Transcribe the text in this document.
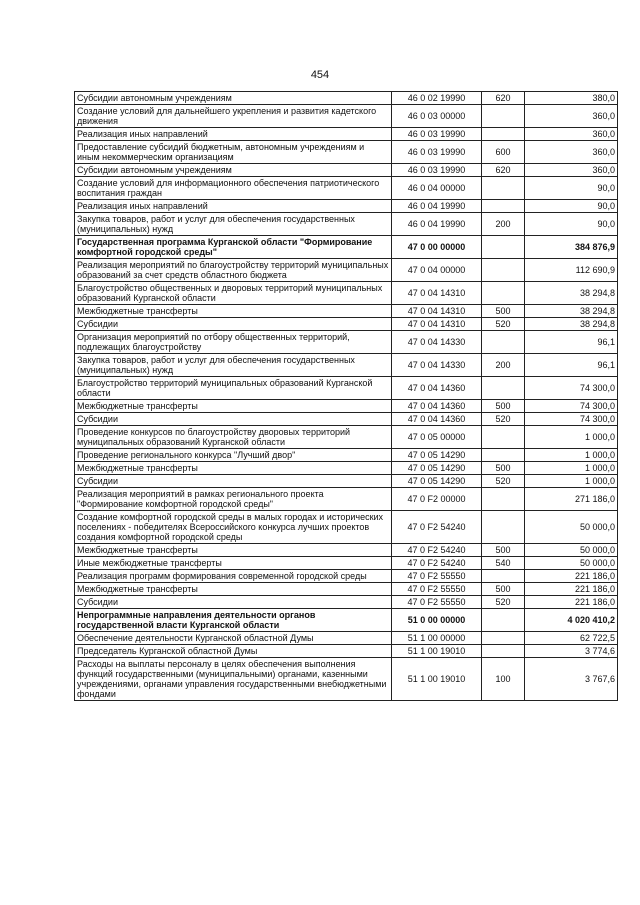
454
Субсидии автономным учреждениям	46 0 02 19990	620	380,0
Создание условий для дальнейшего укрепления и развития кадетского движения	46 0 03 00000		360,0
Реализация иных направлений	46 0 03 19990		360,0
Предоставление субсидий бюджетным, автономным учреждениям и иным некоммерческим организациям	46 0 03 19990	600	360,0
Субсидии автономным учреждениям	46 0 03 19990	620	360,0
Создание условий для информационного обеспечения патриотического воспитания граждан	46 0 04 00000		90,0
Реализация иных направлений	46 0 04 19990		90,0
Закупка товаров, работ и услуг для обеспечения государственных (муниципальных) нужд	46 0 04 19990	200	90,0
Государственная программа Курганской области "Формирование комфортной городской среды"	47 0 00 00000		384 876,9
Реализация мероприятий по благоустройству территорий муниципальных образований за счет средств областного бюджета	47 0 04 00000		112 690,9
Благоустройство общественных и дворовых территорий муниципальных образований Курганской области	47 0 04 14310		38 294,8
Межбюджетные трансферты	47 0 04 14310	500	38 294,8
Субсидии	47 0 04 14310	520	38 294,8
Организация мероприятий по отбору общественных территорий, подлежащих благоустройству	47 0 04 14330		96,1
Закупка товаров, работ и услуг для обеспечения государственных (муниципальных) нужд	47 0 04 14330	200	96,1
Благоустройство территорий муниципальных образований Курганской области	47 0 04 14360		74 300,0
Межбюджетные трансферты	47 0 04 14360	500	74 300,0
Субсидии	47 0 04 14360	520	74 300,0
Проведение конкурсов по благоустройству дворовых территорий муниципальных образований Курганской области	47 0 05 00000		1 000,0
Проведение регионального конкурса "Лучший двор"	47 0 05 14290		1 000,0
Межбюджетные трансферты	47 0 05 14290	500	1 000,0
Субсидии	47 0 05 14290	520	1 000,0
Реализация мероприятий в рамках регионального проекта "Формирование комфортной городской среды"	47 0 F2 00000		271 186,0
Создание комфортной городской среды в малых городах и исторических поселениях - победителях Всероссийского конкурса лучших проектов создания комфортной городской среды	47 0 F2 54240		50 000,0
Межбюджетные трансферты	47 0 F2 54240	500	50 000,0
Иные межбюджетные трансферты	47 0 F2 54240	540	50 000,0
Реализация программ формирования современной городской среды	47 0 F2 55550		221 186,0
Межбюджетные трансферты	47 0 F2 55550	500	221 186,0
Субсидии	47 0 F2 55550	520	221 186,0
Непрограммные направления деятельности органов государственной власти Курганской области	51 0 00 00000		4 020 410,2
Обеспечение деятельности Курганской областной Думы	51 1 00 00000		62 722,5
Председатель Курганской областной Думы	51 1 00 19010		3 774,6
Расходы на выплаты персоналу в целях обеспечения выполнения функций государственными (муниципальными) органами, казенными учреждениями, органами управления государственными внебюджетными фондами	51 1 00 19010	100	3 767,6
